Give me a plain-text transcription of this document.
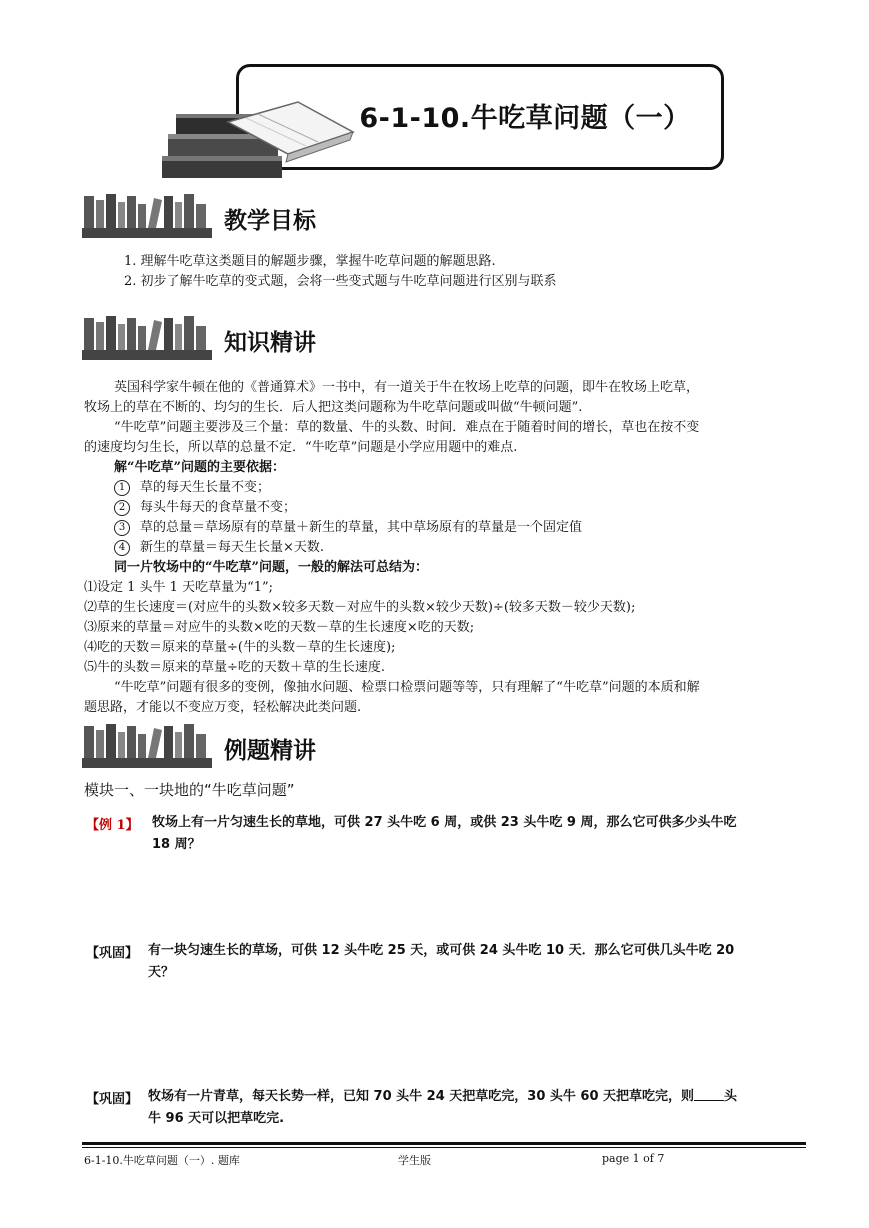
6-1-10.牛吃草问题（一）
教学目标
1. 理解牛吃草这类题目的解题步骤，掌握牛吃草问题的解题思路.
2. 初步了解牛吃草的变式题，会将一些变式题与牛吃草问题进行区别与联系
知识精讲
英国科学家牛顿在他的《普通算术》一书中，有一道关于牛在牧场上吃草的问题，即牛在牧场上吃草，
牧场上的草在不断的、均匀的生长．后人把这类问题称为牛吃草问题或叫做“牛顿问题”.
“牛吃草”问题主要涉及三个量：草的数量、牛的头数、时间．难点在于随着时间的增长，草也在按不变
的速度均匀生长，所以草的总量不定．“牛吃草”问题是小学应用题中的难点.
解“牛吃草”问题的主要依据：
1 草的每天生长量不变；
2 每头牛每天的食草量不变；
3 草的总量＝草场原有的草量＋新生的草量，其中草场原有的草量是一个固定值
4 新生的草量＝每天生长量×天数.
同一片牧场中的“牛吃草”问题，一般的解法可总结为：
⑴设定 1 头牛 1 天吃草量为“1”;
⑵草的生长速度＝(对应牛的头数×较多天数－对应牛的头数×较少天数)÷(较多天数－较少天数);
⑶原来的草量＝对应牛的头数×吃的天数－草的生长速度×吃的天数;
⑷吃的天数＝原来的草量÷(牛的头数－草的生长速度);
⑸牛的头数＝原来的草量÷吃的天数＋草的生长速度.
“牛吃草”问题有很多的变例，像抽水问题、检票口检票问题等等，只有理解了“牛吃草”问题的本质和解
题思路，才能以不变应万变，轻松解决此类问题.
例题精讲
模块一、一块地的“牛吃草问题”
【例 1】 牧场上有一片匀速生长的草地，可供 27 头牛吃 6 周，或供 23 头牛吃 9 周，那么它可供多少头牛吃
18 周？
【巩固】 有一块匀速生长的草场，可供 12 头牛吃 25 天，或可供 24 头牛吃 10 天．那么它可供几头牛吃 20
天？
【巩固】 牧场有一片青草，每天长势一样，已知 70 头牛 24 天把草吃完，30 头牛 60 天把草吃完，则 头
牛 96 天可以把草吃完.
6-1-10.牛吃草问题（一）. 题库	学生版	page 1 of 7
